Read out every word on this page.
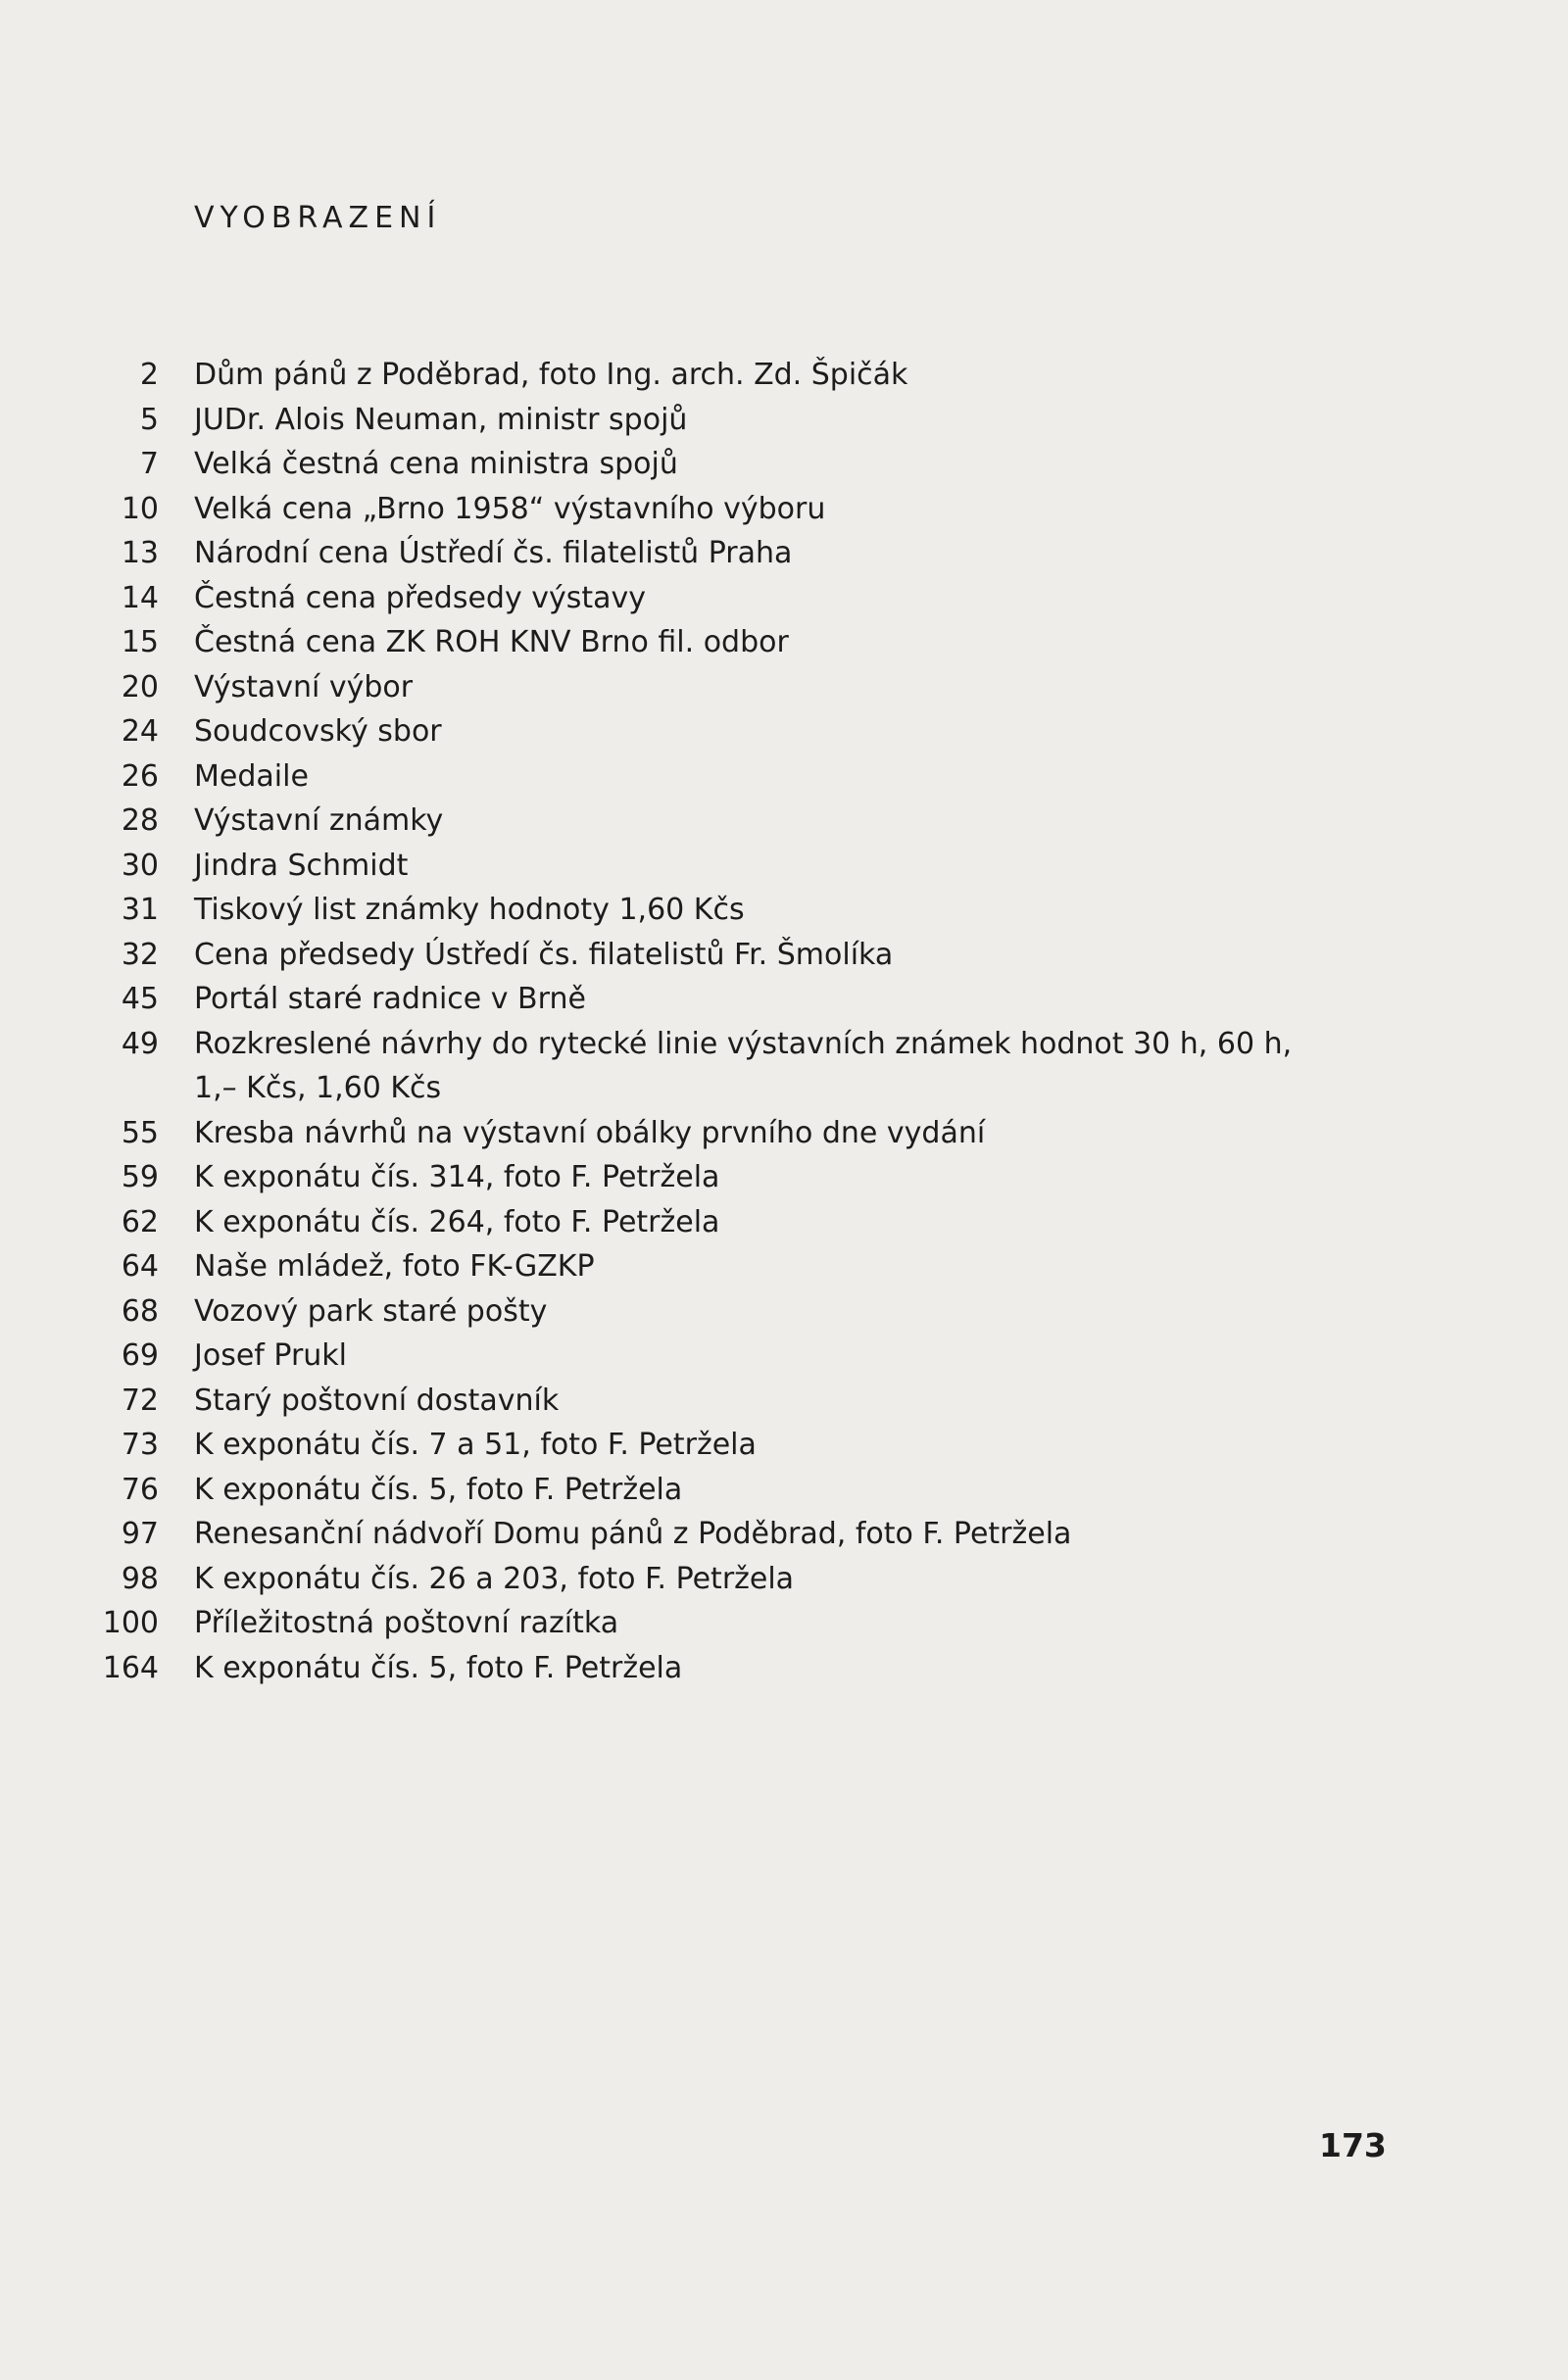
VYOBRAZENÍ
2 Dům pánů z Poděbrad, foto Ing. arch. Zd. Špičák
5 JUDr. Alois Neuman, ministr spojů
7 Velká čestná cena ministra spojů
10 Velká cena „Brno 1958“ výstavního výboru
13 Národní cena Ústředí čs. filatelistů Praha
14 Čestná cena předsedy výstavy
15 Čestná cena ZK ROH KNV Brno fil. odbor
20 Výstavní výbor
24 Soudcovský sbor
26 Medaile
28 Výstavní známky
30 Jindra Schmidt
31 Tiskový list známky hodnoty 1,60 Kčs
32 Cena předsedy Ústředí čs. filatelistů Fr. Šmolíka
45 Portál staré radnice v Brně
49 Rozkreslené návrhy do rytecké linie výstavních známek hodnot 30 h, 60 h,
1,– Kčs, 1,60 Kčs
55 Kresba návrhů na výstavní obálky prvního dne vydání
59 K exponátu čís. 314, foto F. Petržela
62 K exponátu čís. 264, foto F. Petržela
64 Naše mládež, foto FK-GZKP
68 Vozový park staré pošty
69 Josef Prukl
72 Starý poštovní dostavník
73 K exponátu čís. 7 a 51, foto F. Petržela
76 K exponátu čís. 5, foto F. Petržela
97 Renesanční nádvoří Domu pánů z Poděbrad, foto F. Petržela
98 K exponátu čís. 26 a 203, foto F. Petržela
100 Příležitostná poštovní razítka
164 K exponátu čís. 5, foto F. Petržela
173
